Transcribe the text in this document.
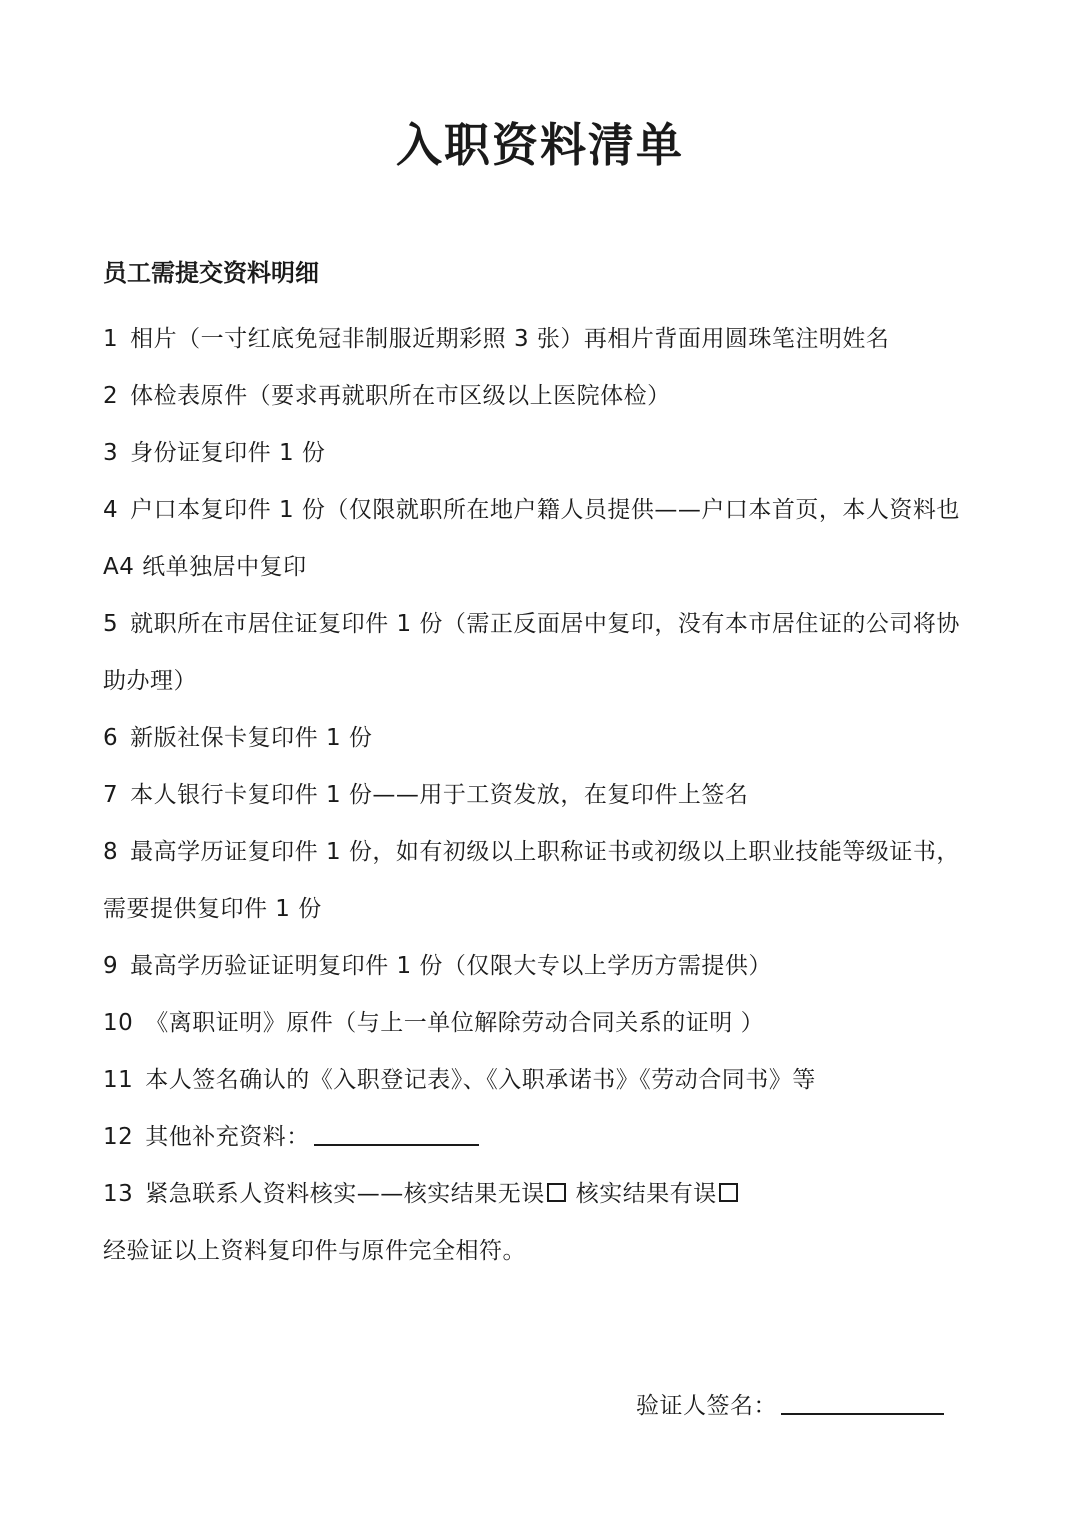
入职资料清单
员工需提交资料明细
1 相片（一寸红底免冠非制服近期彩照 3 张）再相片背面用圆珠笔注明姓名
2 体检表原件（要求再就职所在市区级以上医院体检）
3 身份证复印件 1 份
4 户口本复印件 1 份（仅限就职所在地户籍人员提供——户口本首页，本人资料也 A4 纸单独居中复印
5 就职所在市居住证复印件 1 份（需正反面居中复印，没有本市居住证的公司将协助办理）
6 新版社保卡复印件 1 份
7 本人银行卡复印件 1 份——用于工资发放，在复印件上签名
8 最高学历证复印件 1 份，如有初级以上职称证书或初级以上职业技能等级证书，需要提供复印件 1 份
9 最高学历验证证明复印件 1 份（仅限大专以上学历方需提供）
10 《离职证明》原件（与上一单位解除劳动合同关系的证明 ）
11 本人签名确认的《入职登记表》、《入职承诺书》《劳动合同书》等
12 其他补充资料：
13 紧急联系人资料核实——核实结果无误 核实结果有误
经验证以上资料复印件与原件完全相符。
验证人签名：
